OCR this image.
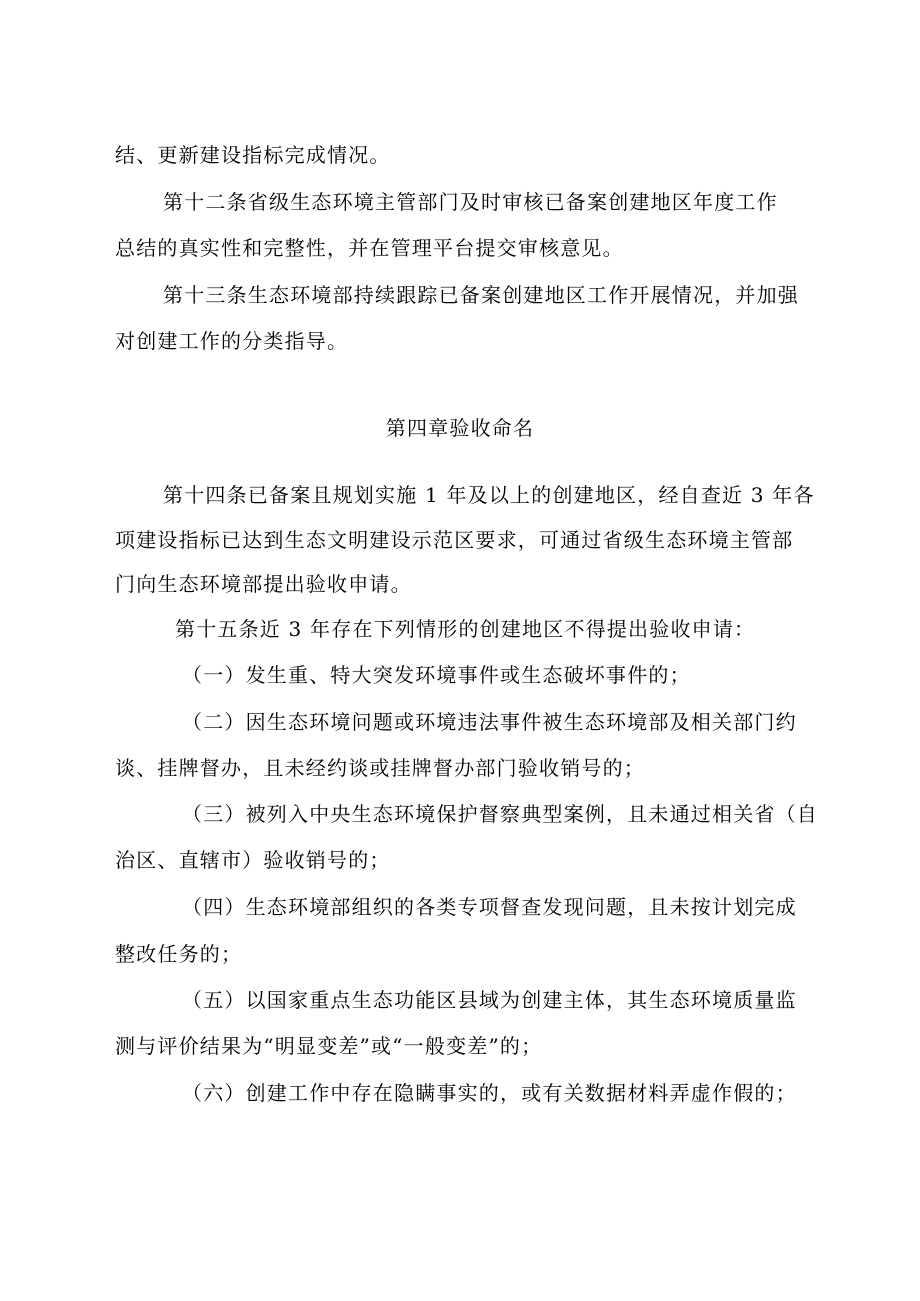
结、更新建设指标完成情况。
第十二条省级生态环境主管部门及时审核已备案创建地区年度工作
总结的真实性和完整性，并在管理平台提交审核意见。
第十三条生态环境部持续跟踪已备案创建地区工作开展情况，并加强
对创建工作的分类指导。
第四章验收命名
第十四条已备案且规划实施 1 年及以上的创建地区，经自查近 3 年各
项建设指标已达到生态文明建设示范区要求，可通过省级生态环境主管部
门向生态环境部提出验收申请。
第十五条近 3 年存在下列情形的创建地区不得提出验收申请：
（一）发生重、特大突发环境事件或生态破坏事件的；
（二）因生态环境问题或环境违法事件被生态环境部及相关部门约
谈、挂牌督办，且未经约谈或挂牌督办部门验收销号的；
（三）被列入中央生态环境保护督察典型案例，且未通过相关省（自
治区、直辖市）验收销号的；
（四）生态环境部组织的各类专项督查发现问题，且未按计划完成
整改任务的；
（五）以国家重点生态功能区县域为创建主体，其生态环境质量监
测与评价结果为“明显变差”或“一般变差”的；
（六）创建工作中存在隐瞒事实的，或有关数据材料弄虚作假的；
